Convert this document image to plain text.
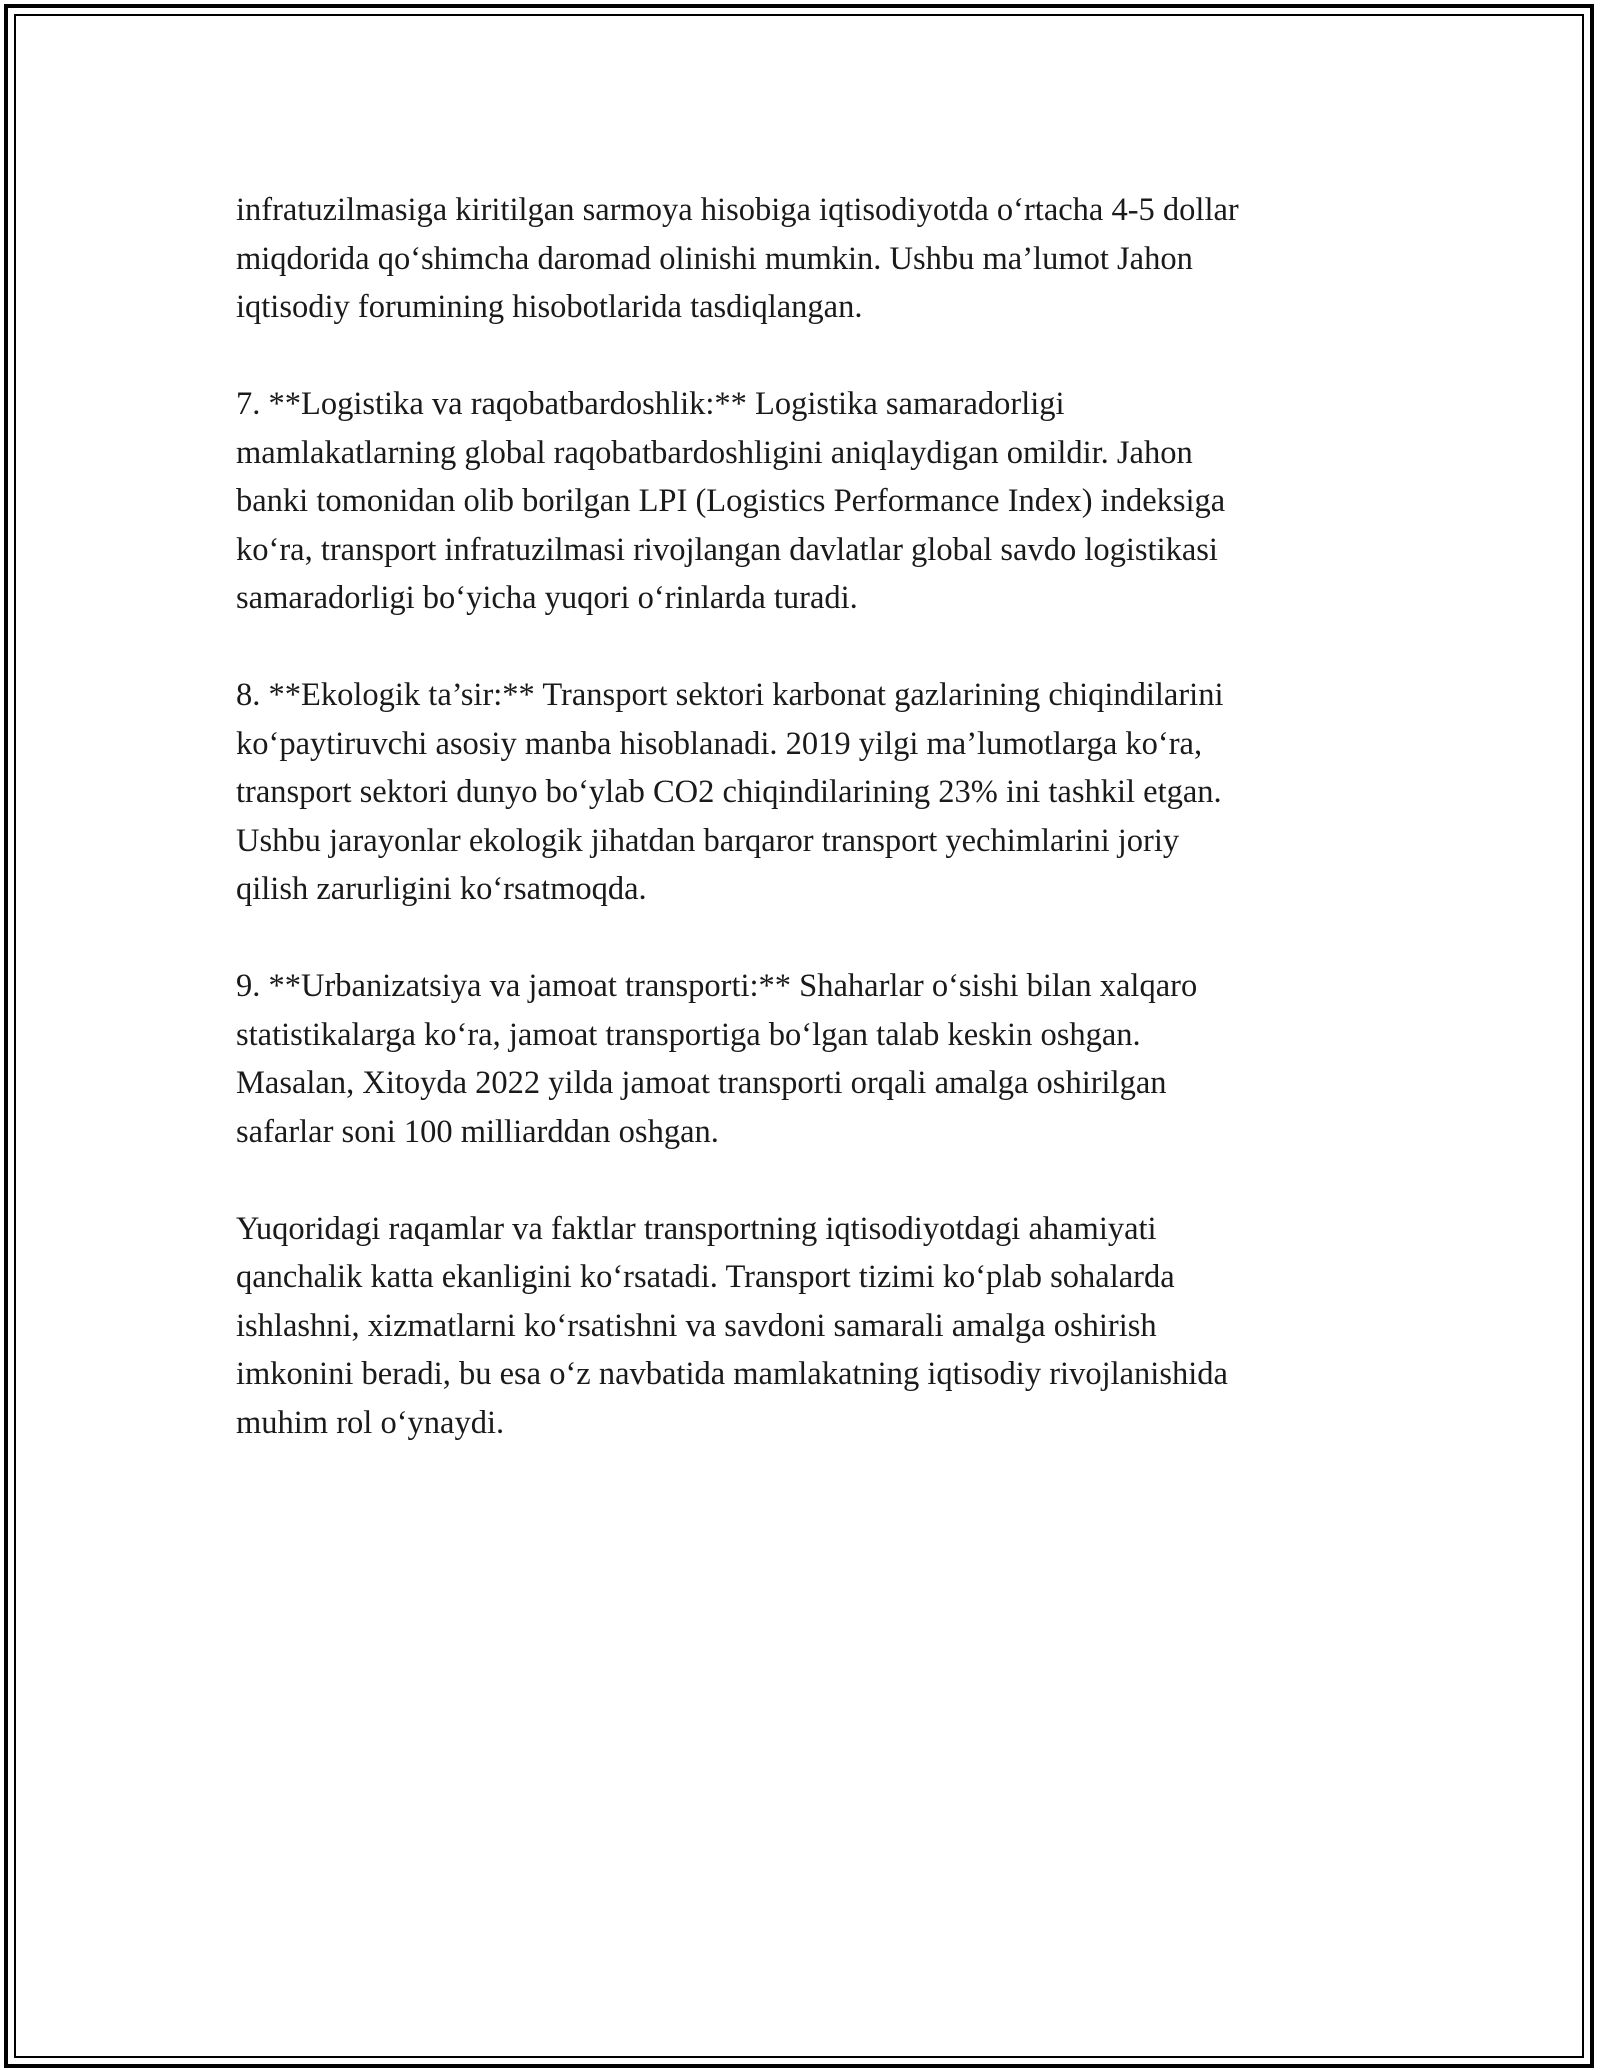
infratuzilmasiga kiritilgan sarmoya hisobiga iqtisodiyotda o‘rtacha 4-5 dollar
miqdorida qo‘shimcha daromad olinishi mumkin. Ushbu ma’lumot Jahon
iqtisodiy forumining hisobotlarida tasdiqlangan.

7. **Logistika va raqobatbardoshlik:** Logistika samaradorligi
mamlakatlarning global raqobatbardoshligini aniqlaydigan omildir. Jahon
banki tomonidan olib borilgan LPI (Logistics Performance Index) indeksiga
ko‘ra, transport infratuzilmasi rivojlangan davlatlar global savdo logistikasi
samaradorligi bo‘yicha yuqori o‘rinlarda turadi.

8. **Ekologik ta’sir:** Transport sektori karbonat gazlarining chiqindilarini
ko‘paytiruvchi asosiy manba hisoblanadi. 2019 yilgi ma’lumotlarga ko‘ra,
transport sektori dunyo bo‘ylab CO2 chiqindilarining 23% ini tashkil etgan.
Ushbu jarayonlar ekologik jihatdan barqaror transport yechimlarini joriy
qilish zarurligini ko‘rsatmoqda.

9. **Urbanizatsiya va jamoat transporti:** Shaharlar o‘sishi bilan xalqaro
statistikalarga ko‘ra, jamoat transportiga bo‘lgan talab keskin oshgan.
Masalan, Xitoyda 2022 yilda jamoat transporti orqali amalga oshirilgan
safarlar soni 100 milliarddan oshgan.

Yuqoridagi raqamlar va faktlar transportning iqtisodiyotdagi ahamiyati
qanchalik katta ekanligini ko‘rsatadi. Transport tizimi ko‘plab sohalarda
ishlashni, xizmatlarni ko‘rsatishni va savdoni samarali amalga oshirish
imkonini beradi, bu esa o‘z navbatida mamlakatning iqtisodiy rivojlanishida
muhim rol o‘ynaydi.
